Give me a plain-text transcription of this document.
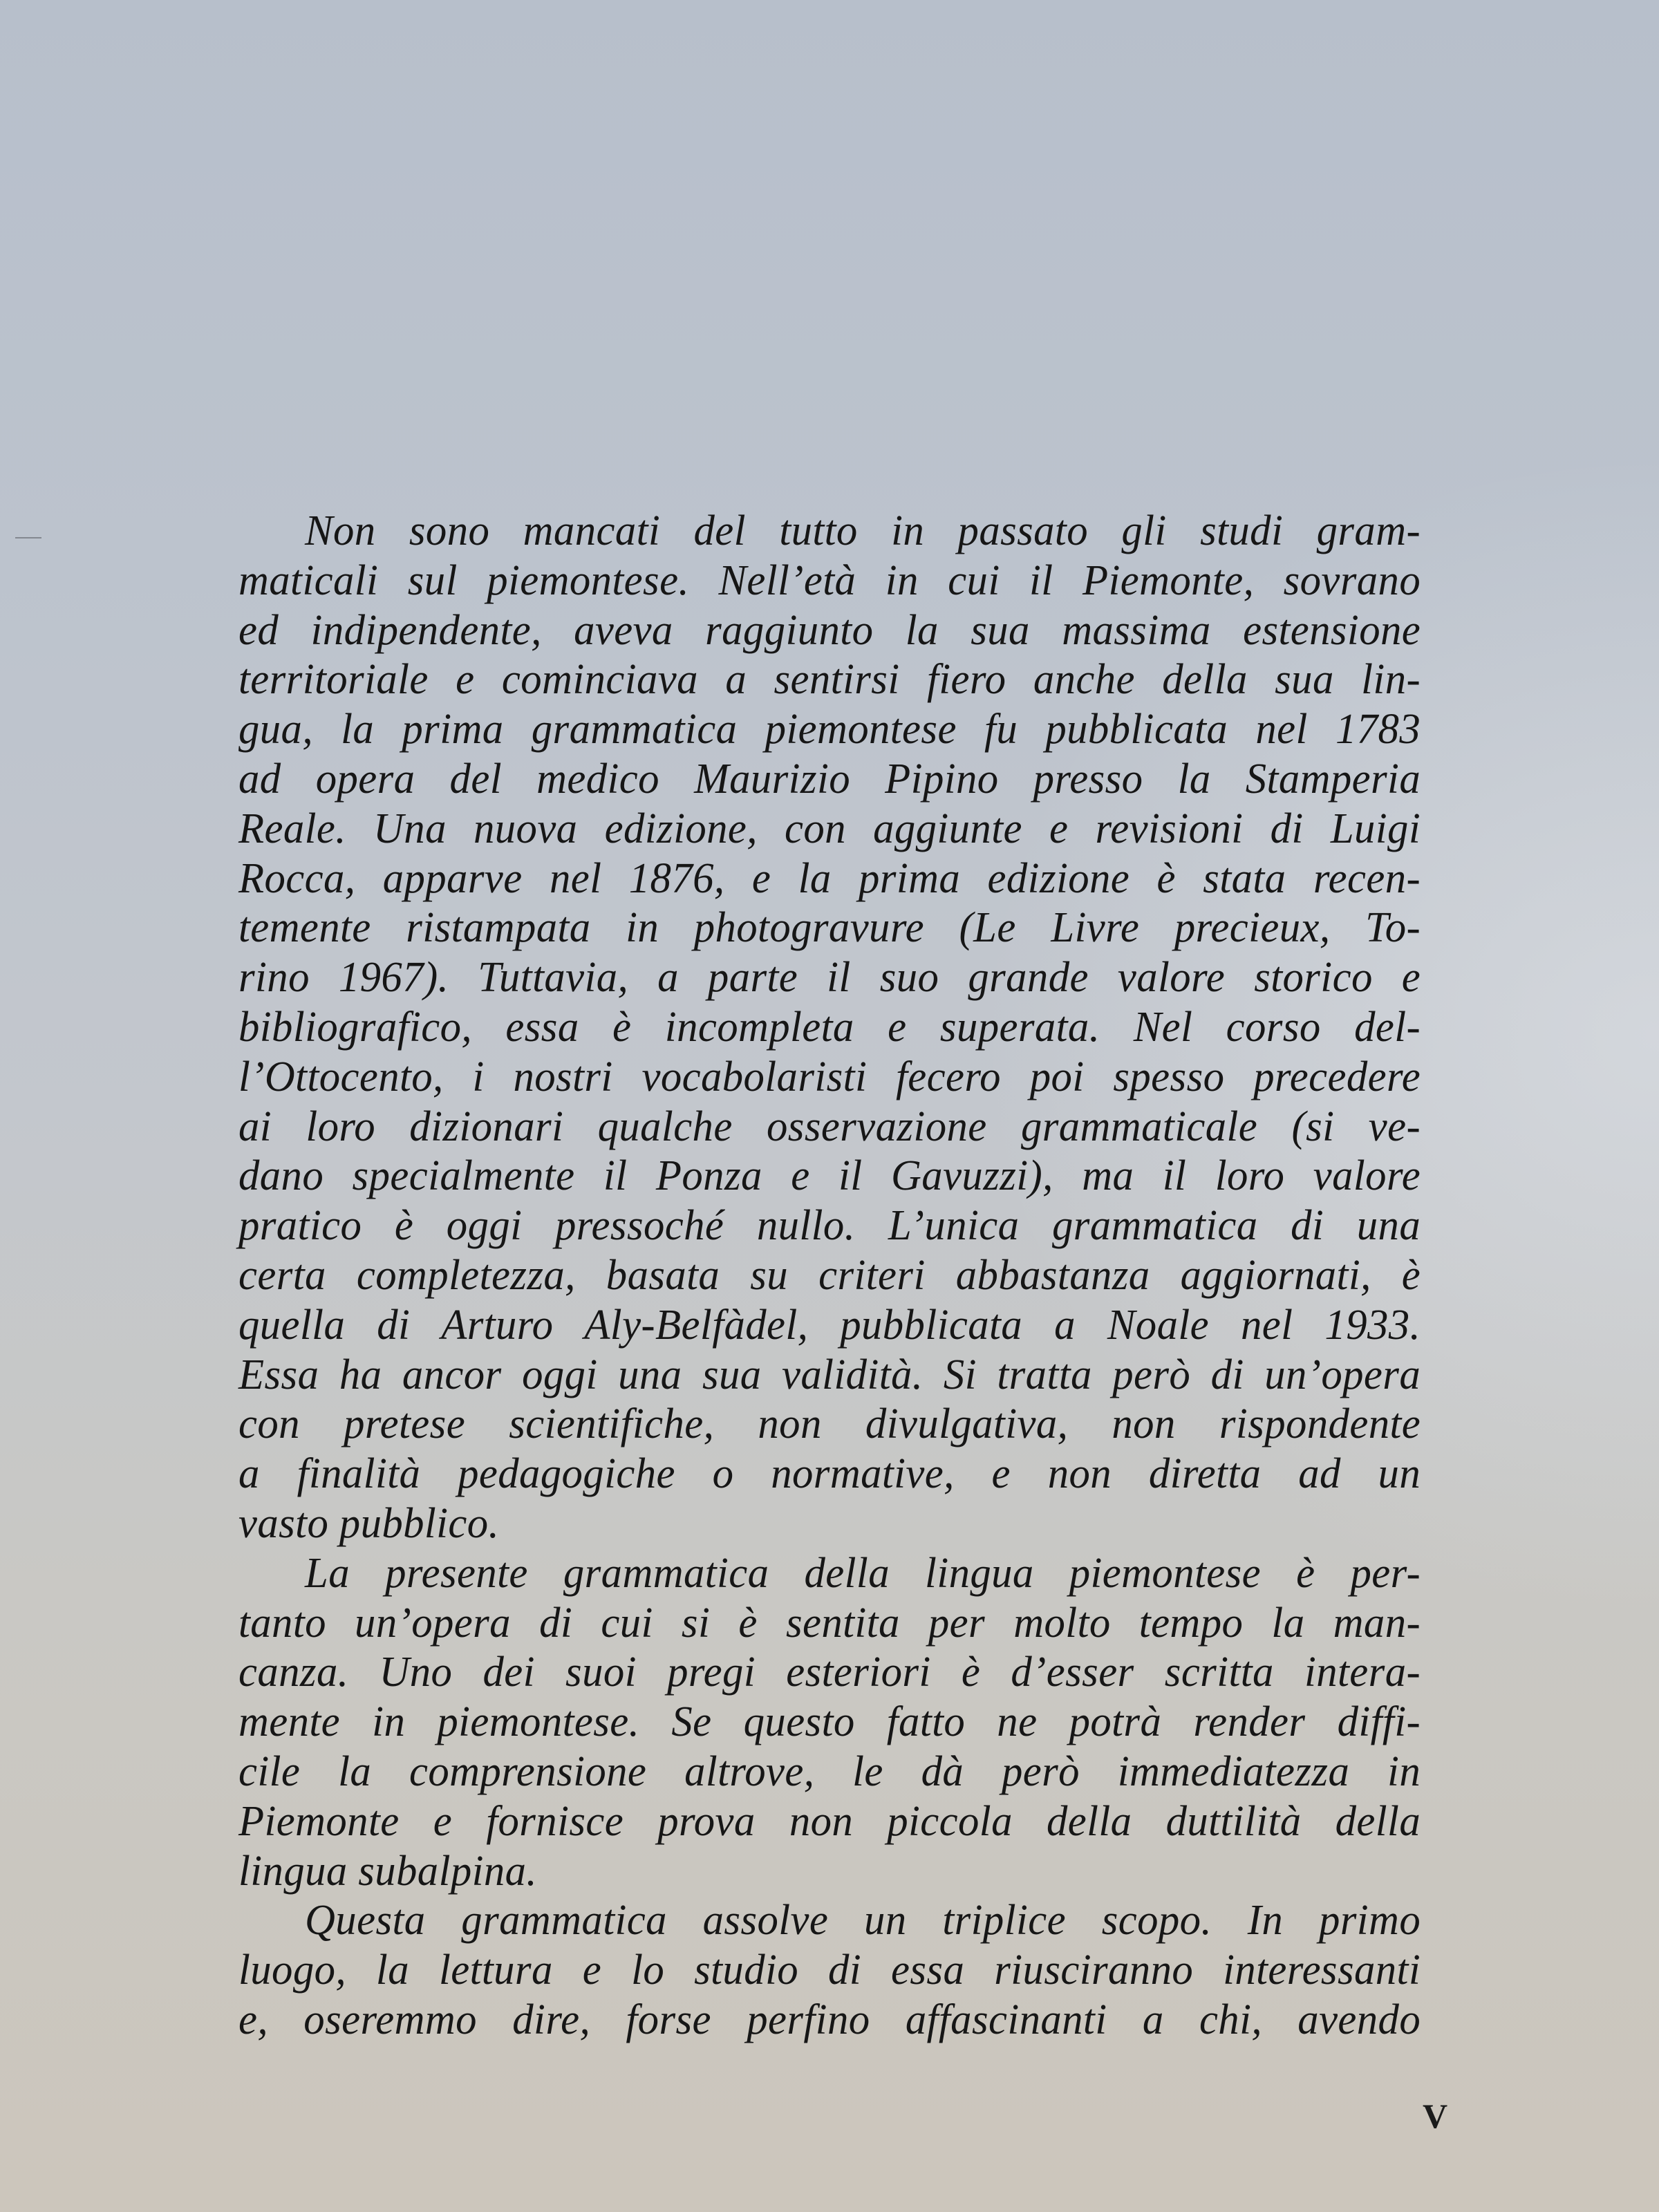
Non sono mancati del tutto in passato gli studi gram-
maticali sul piemontese. Nell’età in cui il Piemonte, sovrano
ed indipendente, aveva raggiunto la sua massima estensione
territoriale e cominciava a sentirsi fiero anche della sua lin-
gua, la prima grammatica piemontese fu pubblicata nel 1783
ad opera del medico Maurizio Pipino presso la Stamperia
Reale. Una nuova edizione, con aggiunte e revisioni di Luigi
Rocca, apparve nel 1876, e la prima edizione è stata recen-
temente ristampata in photogravure (Le Livre precieux, To-
rino 1967). Tuttavia, a parte il suo grande valore storico e
bibliografico, essa è incompleta e superata. Nel corso del-
l’Ottocento, i nostri vocabolaristi fecero poi spesso precedere
ai loro dizionari qualche osservazione grammaticale (si ve-
dano specialmente il Ponza e il Gavuzzi), ma il loro valore
pratico è oggi pressoché nullo. L’unica grammatica di una
certa completezza, basata su criteri abbastanza aggiornati, è
quella di Arturo Aly-Belfàdel, pubblicata a Noale nel 1933.
Essa ha ancor oggi una sua validità. Si tratta però di un’opera
con pretese scientifiche, non divulgativa, non rispondente
a finalità pedagogiche o normative, e non diretta ad un
vasto pubblico.
La presente grammatica della lingua piemontese è per-
tanto un’opera di cui si è sentita per molto tempo la man-
canza. Uno dei suoi pregi esteriori è d’esser scritta intera-
mente in piemontese. Se questo fatto ne potrà render diffi-
cile la comprensione altrove, le dà però immediatezza in
Piemonte e fornisce prova non piccola della duttilità della
lingua subalpina.
Questa grammatica assolve un triplice scopo. In primo
luogo, la lettura e lo studio di essa riusciranno interessanti
e, oseremmo dire, forse perfino affascinanti a chi, avendo
V
